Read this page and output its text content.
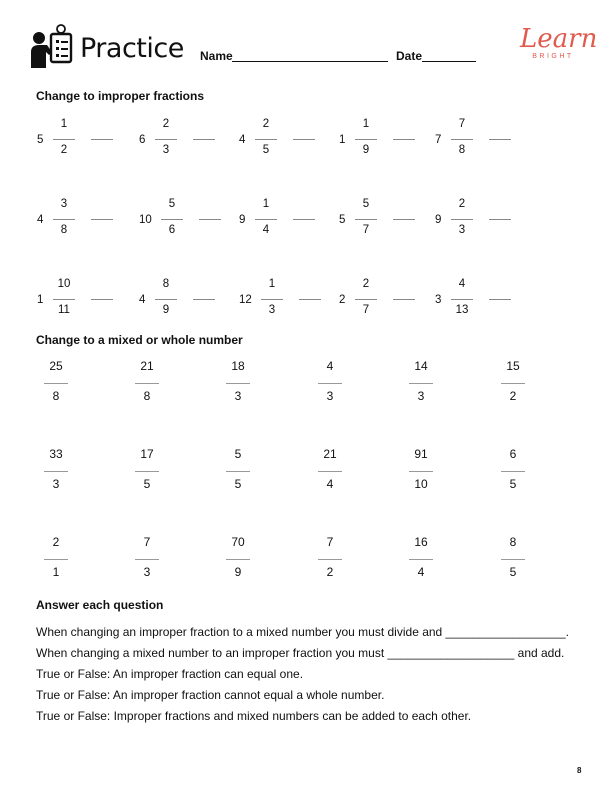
Practice Name	Date
Learn
BRIGHT
Change to improper fractions
5
1
2
6
2
3
4
2
5
1
1
9
7
7
8
4
3
8
10
5
6
9
1
4
5
5
7
9
2
3
1
10
11
4
8
9
12
1
3
2
2
7
3
4
13
Change to a mixed or whole number
25
8
21
8
18
3
4
3
14
3
15
2
33
3
17
5
5
5
21
4
91
10
6
5
2
1
7
3
70
9
7
2
16
4
8
5
Answer each question
When changing an improper fraction to a mixed number you must divide and __________________.
When changing a mixed number to an improper fraction you must ___________________ and add.
True or False: An improper fraction can equal one.
True or False: An improper fraction cannot equal a whole number.
True or False: Improper fractions and mixed numbers can be added to each other.
8
